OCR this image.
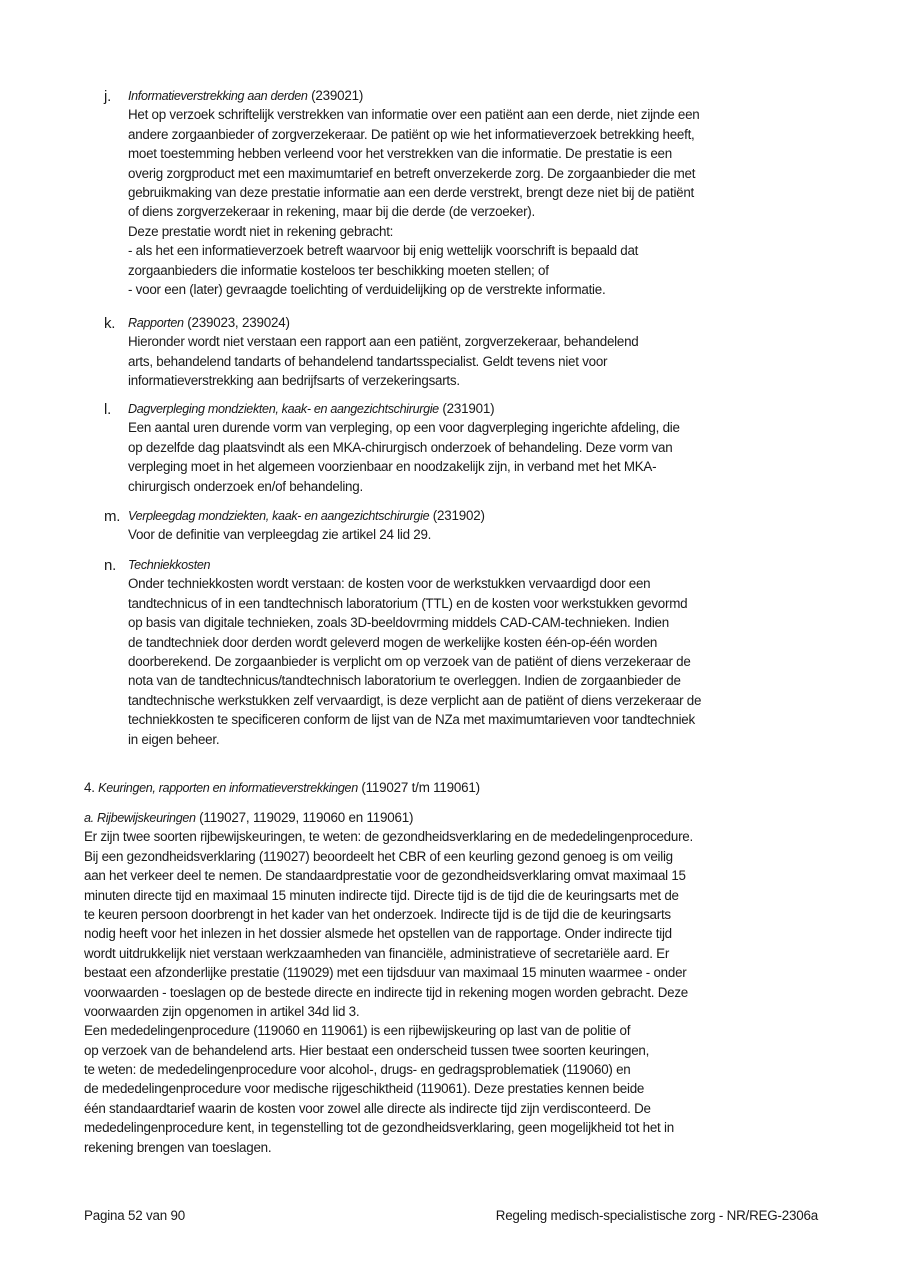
j. Informatieverstrekking aan derden (239021)
Het op verzoek schriftelijk verstrekken van informatie over een patiënt aan een derde, niet zijnde een
andere zorgaanbieder of zorgverzekeraar. De patiënt op wie het informatieverzoek betrekking heeft,
moet toestemming hebben verleend voor het verstrekken van die informatie. De prestatie is een
overig zorgproduct met een maximumtarief en betreft onverzekerde zorg. De zorgaanbieder die met
gebruikmaking van deze prestatie informatie aan een derde verstrekt, brengt deze niet bij de patiënt
of diens zorgverzekeraar in rekening, maar bij die derde (de verzoeker).
Deze prestatie wordt niet in rekening gebracht:
- als het een informatieverzoek betreft waarvoor bij enig wettelijk voorschrift is bepaald dat
zorgaanbieders die informatie kosteloos ter beschikking moeten stellen; of
- voor een (later) gevraagde toelichting of verduidelijking op de verstrekte informatie.
k. Rapporten (239023, 239024)
Hieronder wordt niet verstaan een rapport aan een patiënt, zorgverzekeraar, behandelend
arts, behandelend tandarts of behandelend tandartsspecialist. Geldt tevens niet voor
informatieverstrekking aan bedrijfsarts of verzekeringsarts.
l. Dagverpleging mondziekten, kaak- en aangezichtschirurgie (231901)
Een aantal uren durende vorm van verpleging, op een voor dagverpleging ingerichte afdeling, die
op dezelfde dag plaatsvindt als een MKA-chirurgisch onderzoek of behandeling. Deze vorm van
verpleging moet in het algemeen voorzienbaar en noodzakelijk zijn, in verband met het MKA-
chirurgisch onderzoek en/of behandeling.
m. Verpleegdag mondziekten, kaak- en aangezichtschirurgie (231902)
Voor de definitie van verpleegdag zie artikel 24 lid 29.
n. Techniekkosten
Onder techniekkosten wordt verstaan: de kosten voor de werkstukken vervaardigd door een
tandtechnicus of in een tandtechnisch laboratorium (TTL) en de kosten voor werkstukken gevormd
op basis van digitale technieken, zoals 3D-beeldovrming middels CAD-CAM-technieken. Indien
de tandtechniek door derden wordt geleverd mogen de werkelijke kosten één-op-één worden
doorberekend. De zorgaanbieder is verplicht om op verzoek van de patiënt of diens verzekeraar de
nota van de tandtechnicus/tandtechnisch laboratorium te overleggen. Indien de zorgaanbieder de
tandtechnische werkstukken zelf vervaardigt, is deze verplicht aan de patiënt of diens verzekeraar de
techniekkosten te specificeren conform de lijst van de NZa met maximumtarieven voor tandtechniek
in eigen beheer.
4. Keuringen, rapporten en informatieverstrekkingen (119027 t/m 119061)
a. Rijbewijskeuringen (119027, 119029, 119060 en 119061)
Er zijn twee soorten rijbewijskeuringen, te weten: de gezondheidsverklaring en de mededelingenprocedure.
Bij een gezondheidsverklaring (119027) beoordeelt het CBR of een keurling gezond genoeg is om veilig
aan het verkeer deel te nemen. De standaardprestatie voor de gezondheidsverklaring omvat maximaal 15
minuten directe tijd en maximaal 15 minuten indirecte tijd. Directe tijd is de tijd die de keuringsarts met de
te keuren persoon doorbrengt in het kader van het onderzoek. Indirecte tijd is de tijd die de keuringsarts
nodig heeft voor het inlezen in het dossier alsmede het opstellen van de rapportage. Onder indirecte tijd
wordt uitdrukkelijk niet verstaan werkzaamheden van financiële, administratieve of secretariële aard. Er
bestaat een afzonderlijke prestatie (119029) met een tijdsduur van maximaal 15 minuten waarmee - onder
voorwaarden - toeslagen op de bestede directe en indirecte tijd in rekening mogen worden gebracht. Deze
voorwaarden zijn opgenomen in artikel 34d lid 3.
Een mededelingenprocedure (119060 en 119061) is een rijbewijskeuring op last van de politie of
op verzoek van de behandelend arts. Hier bestaat een onderscheid tussen twee soorten keuringen,
te weten: de mededelingenprocedure voor alcohol-, drugs- en gedragsproblematiek (119060) en
de mededelingenprocedure voor medische rijgeschiktheid (119061). Deze prestaties kennen beide
één standaardtarief waarin de kosten voor zowel alle directe als indirecte tijd zijn verdisconteerd. De
mededelingenprocedure kent, in tegenstelling tot de gezondheidsverklaring, geen mogelijkheid tot het in
rekening brengen van toeslagen.
Pagina 52 van 90	Regeling medisch-specialistische zorg - NR/REG-2306a
